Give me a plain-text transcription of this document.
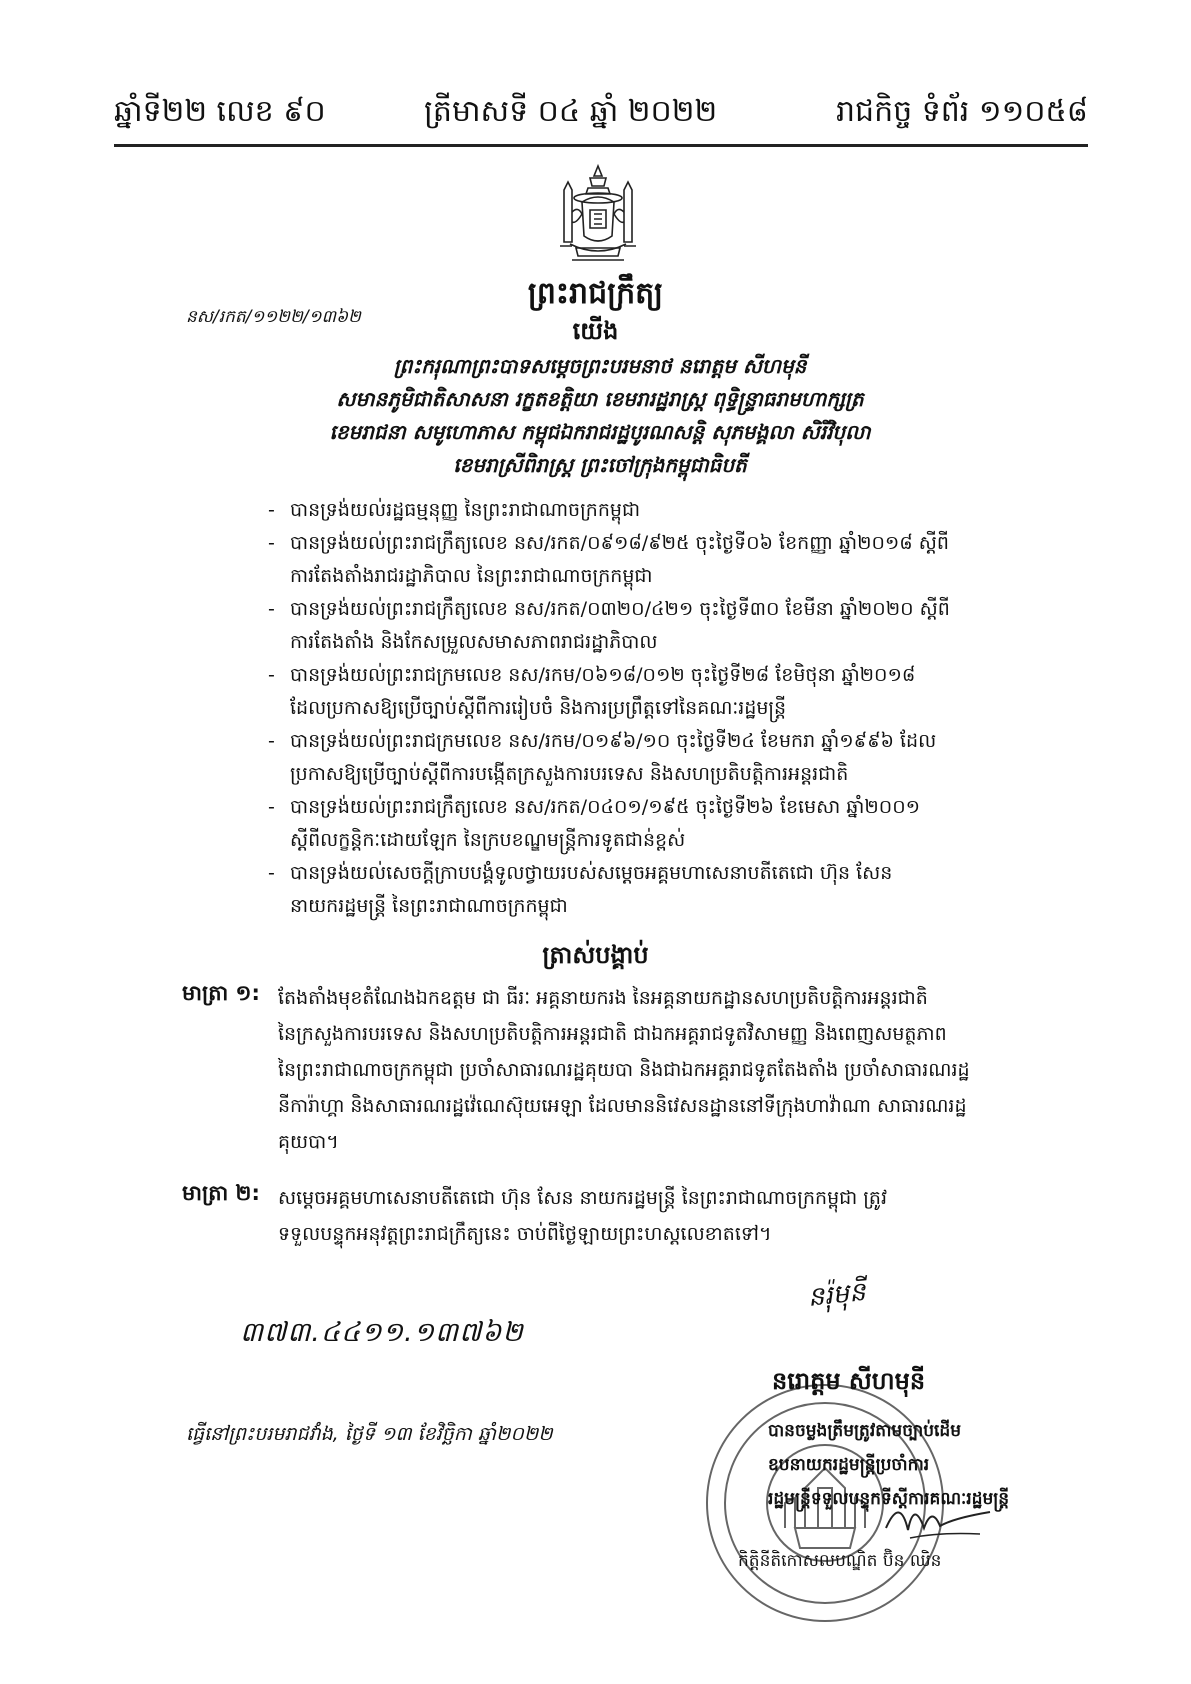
ឆ្នាំទី២២ លេខ ៩០	ត្រីមាសទី ០៤ ឆ្នាំ ២០២២	រាជកិច្ច ទំព័រ ១១០៥៨
ព្រះរាជក្រឹត្យ
នស/រកត/១១២២/១៣៦២	យើង
ព្រះករុណាព្រះបាទសម្តេចព្រះបរមនាថ នរោត្តម សីហមុនី
សមានភូមិជាតិសាសនា រក្ខតខត្តិយា ខេមរារដ្ឋរាស្ត្រ ពុទ្ធិន្ទ្រាធរាមហាក្សត្រ
ខេមរាជនា សមូហោភាស កម្ពុជឯករាជរដ្ឋបូរណសន្តិ សុភមង្គលា សិរីវិបុលា
ខេមរាស្រីពិរាស្ត្រ ព្រះចៅក្រុងកម្ពុជាធិបតី
- បានទ្រង់យល់រដ្ឋធម្មនុញ្ញ នៃព្រះរាជាណាចក្រកម្ពុជា
- បានទ្រង់យល់ព្រះរាជក្រឹត្យលេខ នស/រកត/០៩១៨/៩២៥ ចុះថ្ងៃទី០៦ ខែកញ្ញា ឆ្នាំ២០១៨ ស្តីពី
ការតែងតាំងរាជរដ្ឋាភិបាល នៃព្រះរាជាណាចក្រកម្ពុជា
- បានទ្រង់យល់ព្រះរាជក្រឹត្យលេខ នស/រកត/០៣២០/៤២១ ចុះថ្ងៃទី៣០ ខែមីនា ឆ្នាំ២០២០ ស្តីពី
ការតែងតាំង និងកែសម្រួលសមាសភាពរាជរដ្ឋាភិបាល
- បានទ្រង់យល់ព្រះរាជក្រមលេខ នស/រកម/០៦១៨/០១២ ចុះថ្ងៃទី២៨ ខែមិថុនា ឆ្នាំ២០១៨
ដែលប្រកាសឱ្យប្រើច្បាប់ស្តីពីការរៀបចំ និងការប្រព្រឹត្តទៅនៃគណៈរដ្ឋមន្ត្រី
- បានទ្រង់យល់ព្រះរាជក្រមលេខ នស/រកម/០១៩៦/១០ ចុះថ្ងៃទី២៤ ខែមករា ឆ្នាំ១៩៩៦ ដែល
ប្រកាសឱ្យប្រើច្បាប់ស្តីពីការបង្កើតក្រសួងការបរទេស និងសហប្រតិបត្តិការអន្តរជាតិ
- បានទ្រង់យល់ព្រះរាជក្រឹត្យលេខ នស/រកត/០៤០១/១៩៥ ចុះថ្ងៃទី២៦ ខែមេសា ឆ្នាំ២០០១
ស្តីពីលក្ខន្តិកៈដោយឡែក នៃក្របខណ្ឌមន្ត្រីការទូតជាន់ខ្ពស់
- បានទ្រង់យល់សេចក្តីក្រាបបង្គំទូលថ្វាយរបស់សម្តេចអគ្គមហាសេនាបតីតេជោ ហ៊ុន សែន
នាយករដ្ឋមន្ត្រី នៃព្រះរាជាណាចក្រកម្ពុជា
ត្រាស់បង្គាប់
មាត្រា ១: តែងតាំងមុខតំណែងឯកឧត្តម ជា ធីរៈ អគ្គនាយករង នៃអគ្គនាយកដ្ឋានសហប្រតិបត្តិការអន្តរជាតិ
នៃក្រសួងការបរទេស និងសហប្រតិបត្តិការអន្តរជាតិ ជាឯកអគ្គរាជទូតវិសាមញ្ញ និងពេញសមត្ថភាព
នៃព្រះរាជាណាចក្រកម្ពុជា ប្រចាំសាធារណរដ្ឋគុយបា និងជាឯកអគ្គរាជទូតតែងតាំង ប្រចាំសាធារណរដ្ឋ
នីការ៉ាហ្គា និងសាធារណរដ្ឋវ៉េណេស៊ុយអេឡា ដែលមាននិវេសនដ្ឋាននៅទីក្រុងហាវ៉ាណា សាធារណរដ្ឋ
គុយបា។
មាត្រា ២: សម្តេចអគ្គមហាសេនាបតីតេជោ ហ៊ុន សែន នាយករដ្ឋមន្ត្រី នៃព្រះរាជាណាចក្រកម្ពុជា ត្រូវ
ទទួលបន្ទុកអនុវត្តព្រះរាជក្រឹត្យនេះ ចាប់ពីថ្ងៃឡាយព្រះហស្តលេខាតទៅ។
៣៧៣.៤៤១១.១៣៧៦២
នរ៉ុមុនី
ធ្វើនៅព្រះបរមរាជវាំង, ថ្ងៃទី ១៣ ខែវិច្ឆិកា ឆ្នាំ២០២២
នរោត្តម សីហមុនី
បានចម្លងត្រឹមត្រូវតាមច្បាប់ដើម
ឧបនាយករដ្ឋមន្ត្រីប្រចាំការ
រដ្ឋមន្ត្រីទទួលបន្ទុកទីស្តីការគណៈរដ្ឋមន្ត្រី
កិត្តិនីតិកោសលបណ្ឌិត ប៊ិន ឈិន
